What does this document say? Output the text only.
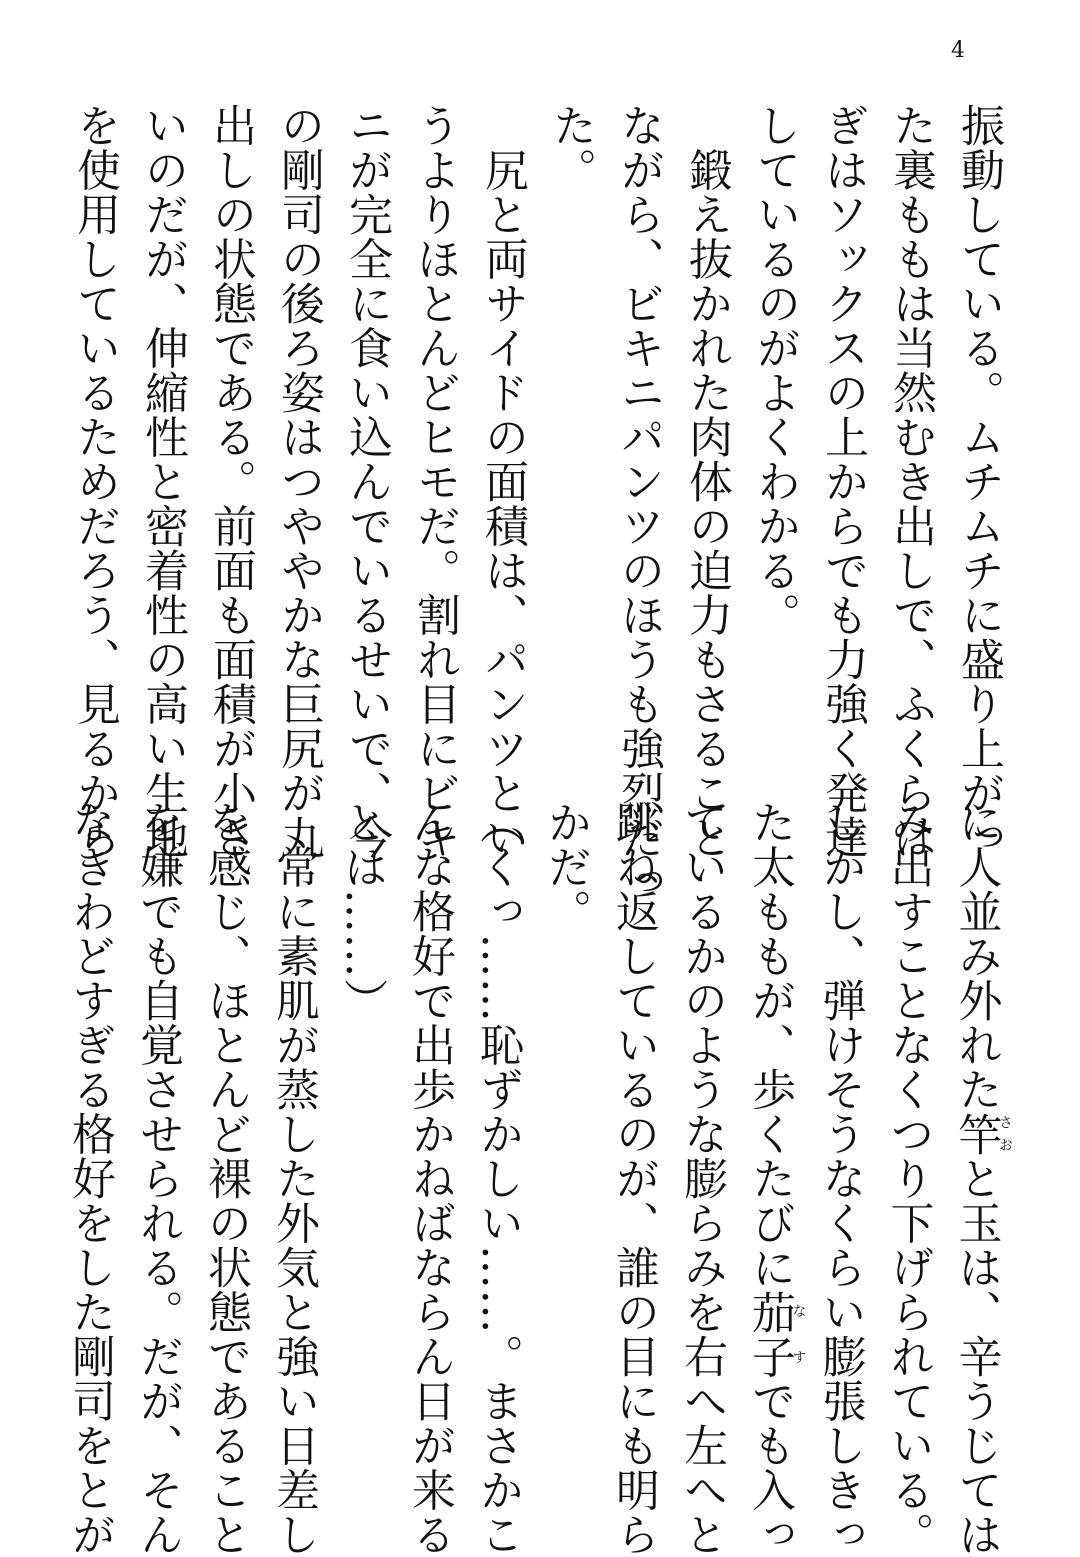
4
振動している。ムチムチに盛り上がっ
た裏ももは当然むき出しで、ふくらは
ぎはソックスの上からでも力強く発達
しているのがよくわかる。
　鍛え抜かれた肉体の迫力もさること
ながら、ビキニパンツのほうも強烈だっ
た。
　尻と両サイドの面積は、パンツとい
うよりほとんどヒモだ。割れ目にビキ
ニが完全に食い込んでいるせいで、今
の剛司の後ろ姿はつややかな巨尻が丸
出しの状態である。前面も面積が小さ
いのだが、伸縮性と密着性の高い生地
を使用しているためだろう、見るから
に人並み外れた竿さおと玉は、辛うじては
み出すことなくつり下げられている。
しかし、弾けそうなくらい膨張しきっ
た太ももが、歩くたびに茄子なすでも入っ
ているかのような膨らみを右へ左へと
跳ね返しているのが、誰の目にも明ら
かだ。
（くっ……恥ずかしい……。まさかこ
んな格好で出歩かねばならん日が来る
とは……）
　常に素肌が蒸した外気と強い日差し
を感じ、ほとんど裸の状態であること
を嫌でも自覚させられる。だが、そん
なきわどすぎる格好をした剛司をとが
